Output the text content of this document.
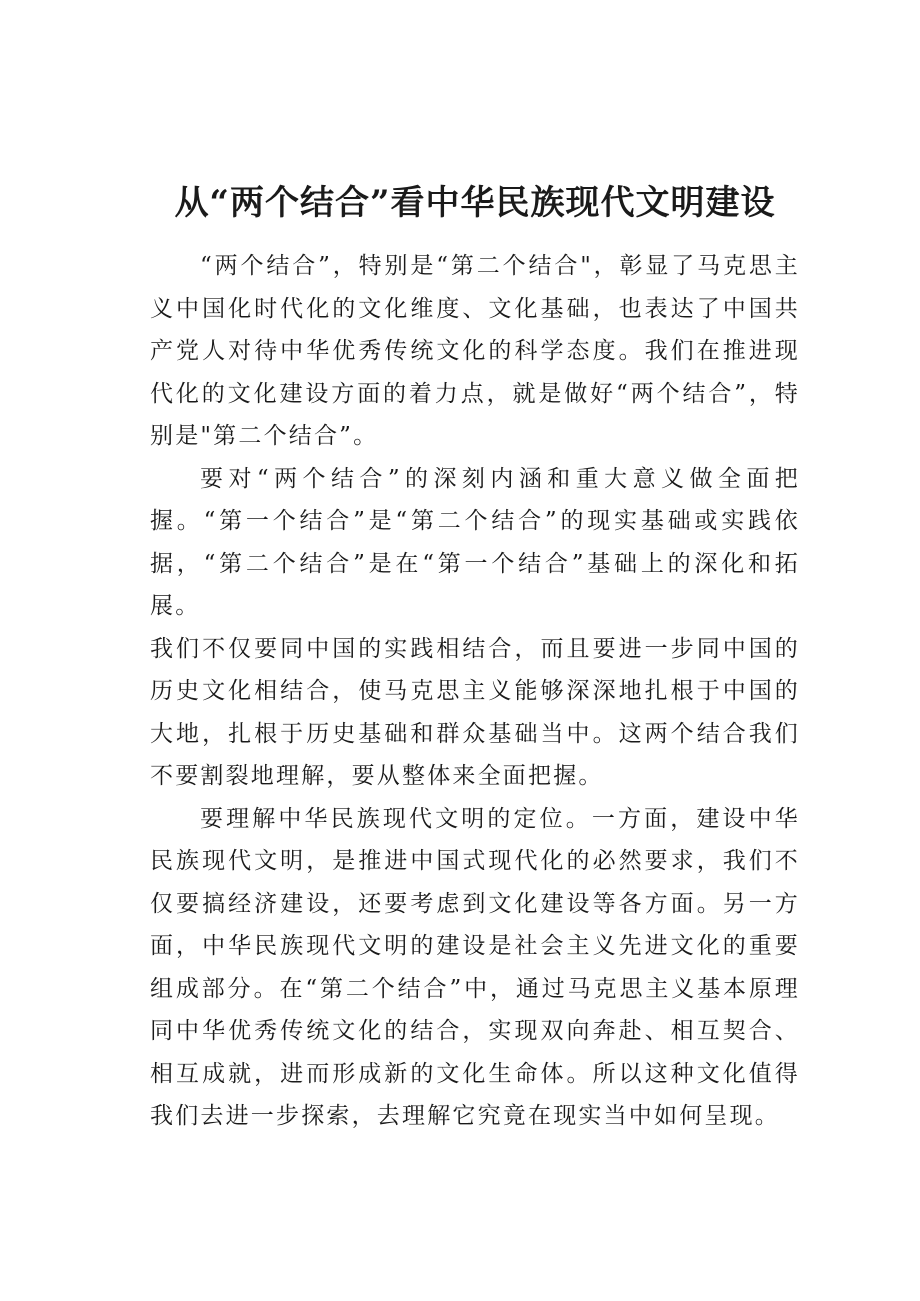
从“两个结合”看中华民族现代文明建设

“两个结合”，特别是“第二个结合"，彰显了马克思主义中国化时代化的文化维度、文化基础，也表达了中国共产党人对待中华优秀传统文化的科学态度。我们在推进现代化的文化建设方面的着力点，就是做好“两个结合”，特别是"第二个结合”。

要对“两个结合”的深刻内涵和重大意义做全面把握。“第一个结合”是“第二个结合”的现实基础或实践依据，“第二个结合”是在“第一个结合”基础上的深化和拓展。

我们不仅要同中国的实践相结合，而且要进一步同中国的历史文化相结合，使马克思主义能够深深地扎根于中国的大地，扎根于历史基础和群众基础当中。这两个结合我们不要割裂地理解，要从整体来全面把握。

要理解中华民族现代文明的定位。一方面，建设中华民族现代文明，是推进中国式现代化的必然要求，我们不仅要搞经济建设，还要考虑到文化建设等各方面。另一方面，中华民族现代文明的建设是社会主义先进文化的重要组成部分。在“第二个结合”中，通过马克思主义基本原理同中华优秀传统文化的结合，实现双向奔赴、相互契合、相互成就，进而形成新的文化生命体。所以这种文化值得我们去进一步探索，去理解它究竟在现实当中如何呈现。
